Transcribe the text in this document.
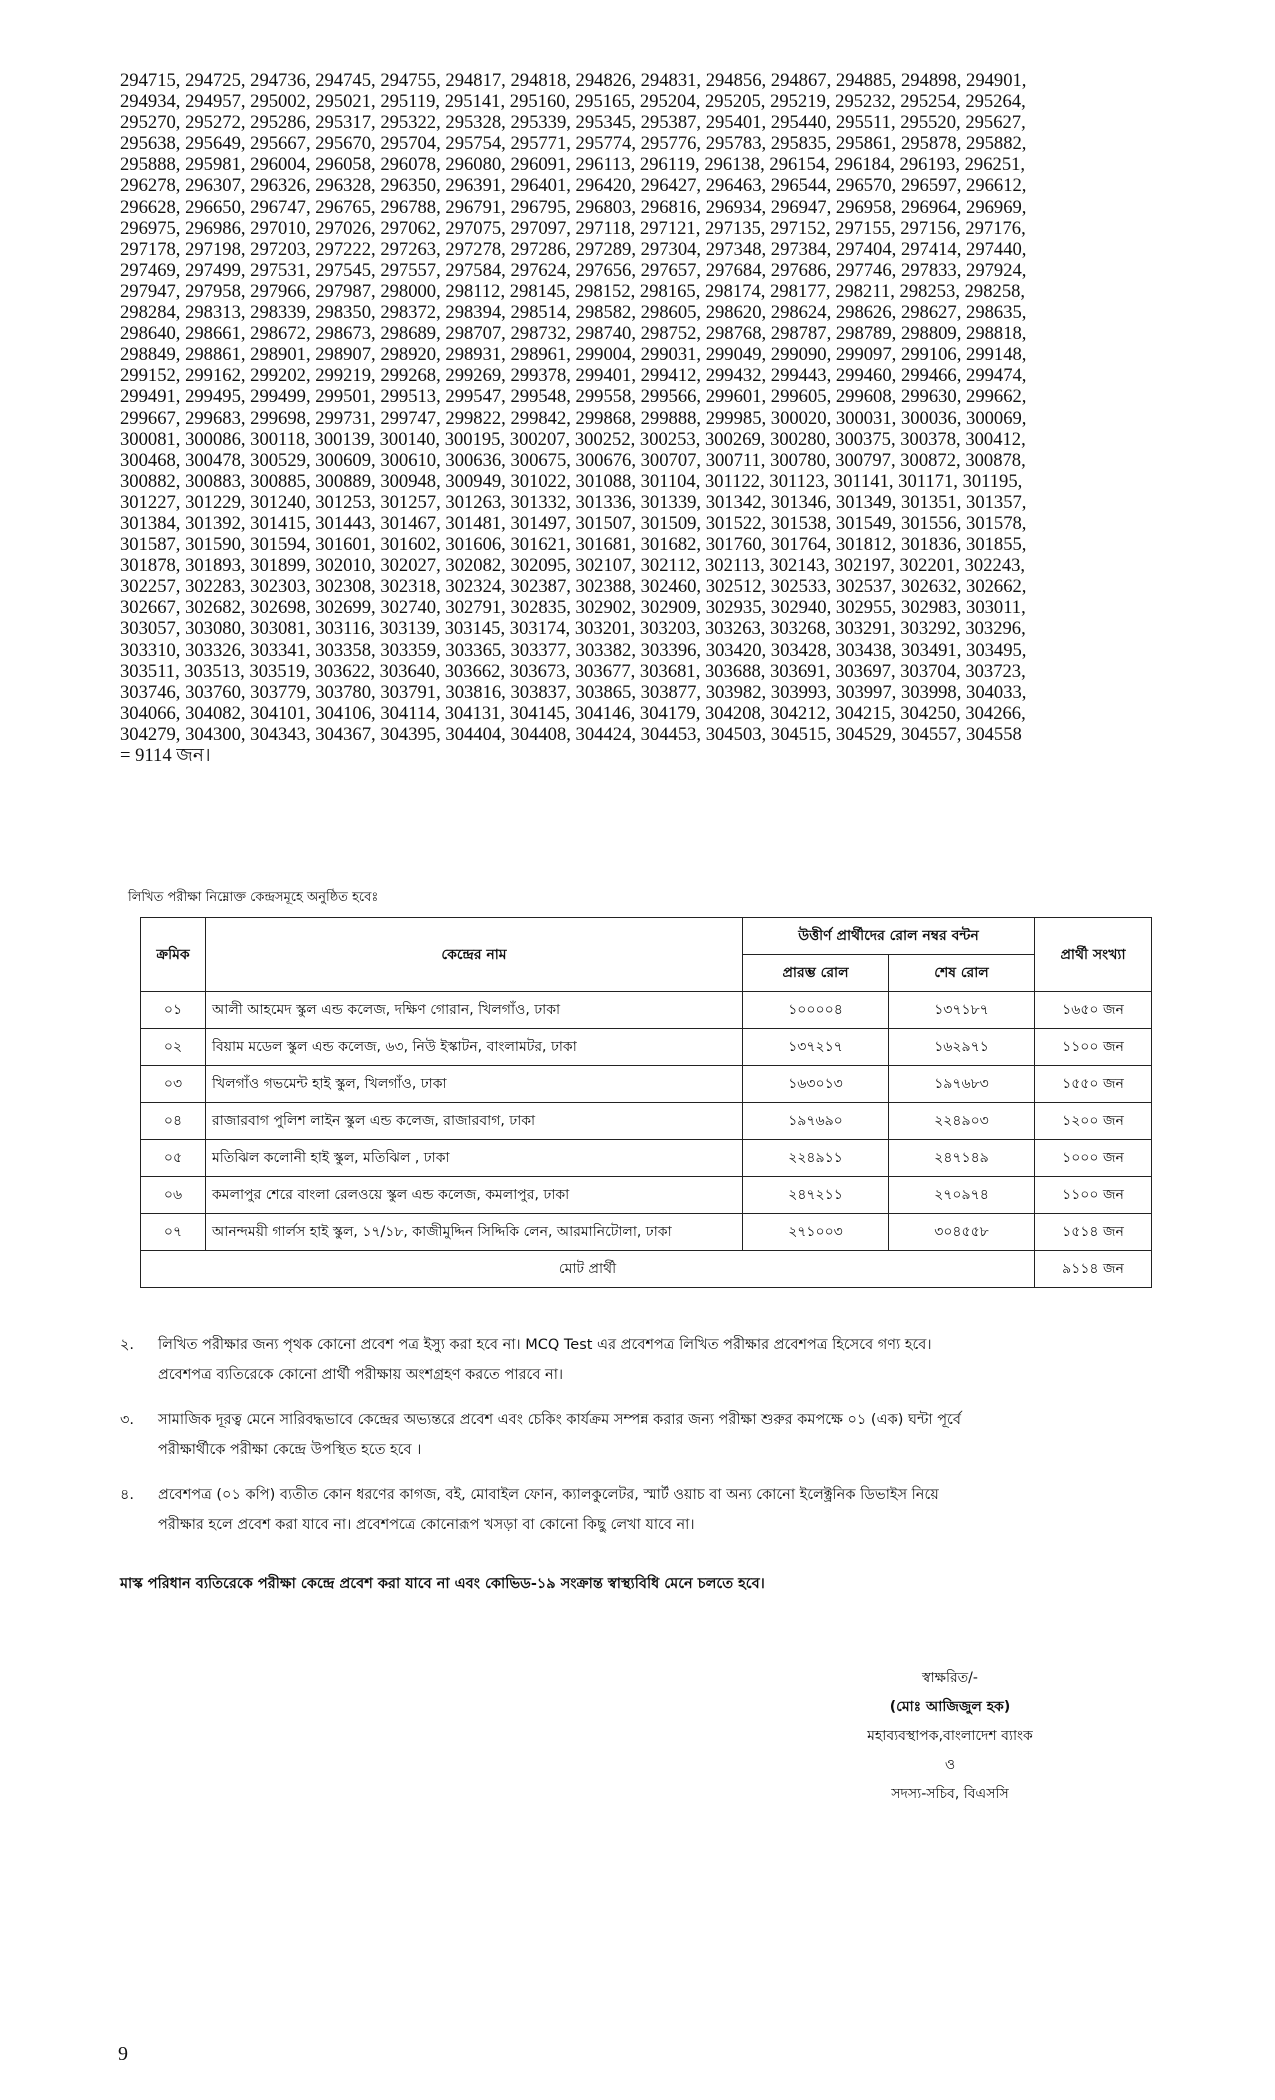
294715, 294725, 294736, 294745, 294755, 294817, 294818, 294826, 294831, 294856, 294867, 294885, 294898, 294901,
294934, 294957, 295002, 295021, 295119, 295141, 295160, 295165, 295204, 295205, 295219, 295232, 295254, 295264,
295270, 295272, 295286, 295317, 295322, 295328, 295339, 295345, 295387, 295401, 295440, 295511, 295520, 295627,
295638, 295649, 295667, 295670, 295704, 295754, 295771, 295774, 295776, 295783, 295835, 295861, 295878, 295882,
295888, 295981, 296004, 296058, 296078, 296080, 296091, 296113, 296119, 296138, 296154, 296184, 296193, 296251,
296278, 296307, 296326, 296328, 296350, 296391, 296401, 296420, 296427, 296463, 296544, 296570, 296597, 296612,
296628, 296650, 296747, 296765, 296788, 296791, 296795, 296803, 296816, 296934, 296947, 296958, 296964, 296969,
296975, 296986, 297010, 297026, 297062, 297075, 297097, 297118, 297121, 297135, 297152, 297155, 297156, 297176,
297178, 297198, 297203, 297222, 297263, 297278, 297286, 297289, 297304, 297348, 297384, 297404, 297414, 297440,
297469, 297499, 297531, 297545, 297557, 297584, 297624, 297656, 297657, 297684, 297686, 297746, 297833, 297924,
297947, 297958, 297966, 297987, 298000, 298112, 298145, 298152, 298165, 298174, 298177, 298211, 298253, 298258,
298284, 298313, 298339, 298350, 298372, 298394, 298514, 298582, 298605, 298620, 298624, 298626, 298627, 298635,
298640, 298661, 298672, 298673, 298689, 298707, 298732, 298740, 298752, 298768, 298787, 298789, 298809, 298818,
298849, 298861, 298901, 298907, 298920, 298931, 298961, 299004, 299031, 299049, 299090, 299097, 299106, 299148,
299152, 299162, 299202, 299219, 299268, 299269, 299378, 299401, 299412, 299432, 299443, 299460, 299466, 299474,
299491, 299495, 299499, 299501, 299513, 299547, 299548, 299558, 299566, 299601, 299605, 299608, 299630, 299662,
299667, 299683, 299698, 299731, 299747, 299822, 299842, 299868, 299888, 299985, 300020, 300031, 300036, 300069,
300081, 300086, 300118, 300139, 300140, 300195, 300207, 300252, 300253, 300269, 300280, 300375, 300378, 300412,
300468, 300478, 300529, 300609, 300610, 300636, 300675, 300676, 300707, 300711, 300780, 300797, 300872, 300878,
300882, 300883, 300885, 300889, 300948, 300949, 301022, 301088, 301104, 301122, 301123, 301141, 301171, 301195,
301227, 301229, 301240, 301253, 301257, 301263, 301332, 301336, 301339, 301342, 301346, 301349, 301351, 301357,
301384, 301392, 301415, 301443, 301467, 301481, 301497, 301507, 301509, 301522, 301538, 301549, 301556, 301578,
301587, 301590, 301594, 301601, 301602, 301606, 301621, 301681, 301682, 301760, 301764, 301812, 301836, 301855,
301878, 301893, 301899, 302010, 302027, 302082, 302095, 302107, 302112, 302113, 302143, 302197, 302201, 302243,
302257, 302283, 302303, 302308, 302318, 302324, 302387, 302388, 302460, 302512, 302533, 302537, 302632, 302662,
302667, 302682, 302698, 302699, 302740, 302791, 302835, 302902, 302909, 302935, 302940, 302955, 302983, 303011,
303057, 303080, 303081, 303116, 303139, 303145, 303174, 303201, 303203, 303263, 303268, 303291, 303292, 303296,
303310, 303326, 303341, 303358, 303359, 303365, 303377, 303382, 303396, 303420, 303428, 303438, 303491, 303495,
303511, 303513, 303519, 303622, 303640, 303662, 303673, 303677, 303681, 303688, 303691, 303697, 303704, 303723,
303746, 303760, 303779, 303780, 303791, 303816, 303837, 303865, 303877, 303982, 303993, 303997, 303998, 304033,
304066, 304082, 304101, 304106, 304114, 304131, 304145, 304146, 304179, 304208, 304212, 304215, 304250, 304266,
304279, 304300, 304343, 304367, 304395, 304404, 304408, 304424, 304453, 304503, 304515, 304529, 304557, 304558
= 9114 জন।
লিখিত পরীক্ষা নিম্নোক্ত কেন্দ্রসমূহে অনুষ্ঠিত হবেঃ
ক্রমিক	কেন্দ্রের নাম	উত্তীর্ণ প্রার্থীদের রোল নম্বর বন্টন		প্রার্থী সংখ্যা
		প্রারম্ভ রোল	শেষ রোল	
০১	আলী আহমেদ স্কুল এন্ড কলেজ, দক্ষিণ গোরান, খিলগাঁও, ঢাকা	১০০০০৪	১৩৭১৮৭	১৬৫০ জন
০২	বিয়াম মডেল স্কুল এন্ড কলেজ, ৬৩, নিউ ইস্কাটন, বাংলামটর, ঢাকা	১৩৭২১৭	১৬২৯৭১	১১০০ জন
০৩	খিলগাঁও গভমেন্ট হাই স্কুল, খিলগাঁও, ঢাকা	১৬৩০১৩	১৯৭৬৮৩	১৫৫০ জন
০৪	রাজারবাগ পুলিশ লাইন স্কুল এন্ড কলেজ, রাজারবাগ, ঢাকা	১৯৭৬৯০	২২৪৯০৩	১২০০ জন
০৫	মতিঝিল কলোনী হাই স্কুল, মতিঝিল , ঢাকা	২২৪৯১১	২৪৭১৪৯	১০০০ জন
০৬	কমলাপুর শেরে বাংলা রেলওয়ে স্কুল এন্ড কলেজ, কমলাপুর, ঢাকা	২৪৭২১১	২৭০৯৭৪	১১০০ জন
০৭	আনন্দময়ী গার্লস হাই স্কুল, ১৭/১৮, কাজীমুদ্দিন সিদ্দিকি লেন, আরমানিটোলা, ঢাকা	২৭১০০৩	৩০৪৫৫৮	১৫১৪ জন
মোট প্রার্থী				৯১১৪ জন
২. লিখিত পরীক্ষার জন্য পৃথক কোনো প্রবেশ পত্র ইস্যু করা হবে না। MCQ Test এর প্রবেশপত্র লিখিত পরীক্ষার প্রবেশপত্র হিসেবে গণ্য হবে।
প্রবেশপত্র ব্যতিরেকে কোনো প্রার্থী পরীক্ষায় অংশগ্রহণ করতে পারবে না।
৩. সামাজিক দূরত্ব মেনে সারিবদ্ধভাবে কেন্দ্রের অভ্যন্তরে প্রবেশ এবং চেকিং কার্যক্রম সম্পন্ন করার জন্য পরীক্ষা শুরুর কমপক্ষে ০১ (এক) ঘন্টা পূর্বে
পরীক্ষার্থীকে পরীক্ষা কেন্দ্রে উপস্থিত হতে হবে ।
৪. প্রবেশপত্র (০১ কপি) ব্যতীত কোন ধরণের কাগজ, বই, মোবাইল ফোন, ক্যালকুলেটর, স্মার্ট ওয়াচ বা অন্য কোনো ইলেক্ট্রনিক ডিভাইস নিয়ে
পরীক্ষার হলে প্রবেশ করা যাবে না। প্রবেশপত্রে কোনোরূপ খসড়া বা কোনো কিছু লেখা যাবে না।
মাস্ক পরিধান ব্যতিরেকে পরীক্ষা কেন্দ্রে প্রবেশ করা যাবে না এবং কোভিড-১৯ সংক্রান্ত স্বাস্থ্যবিধি মেনে চলতে হবে।
স্বাক্ষরিত/-
(মোঃ আজিজুল হক)
মহাব্যবস্থাপক,বাংলাদেশ ব্যাংক
ও
সদস্য-সচিব, বিএসসি
9
